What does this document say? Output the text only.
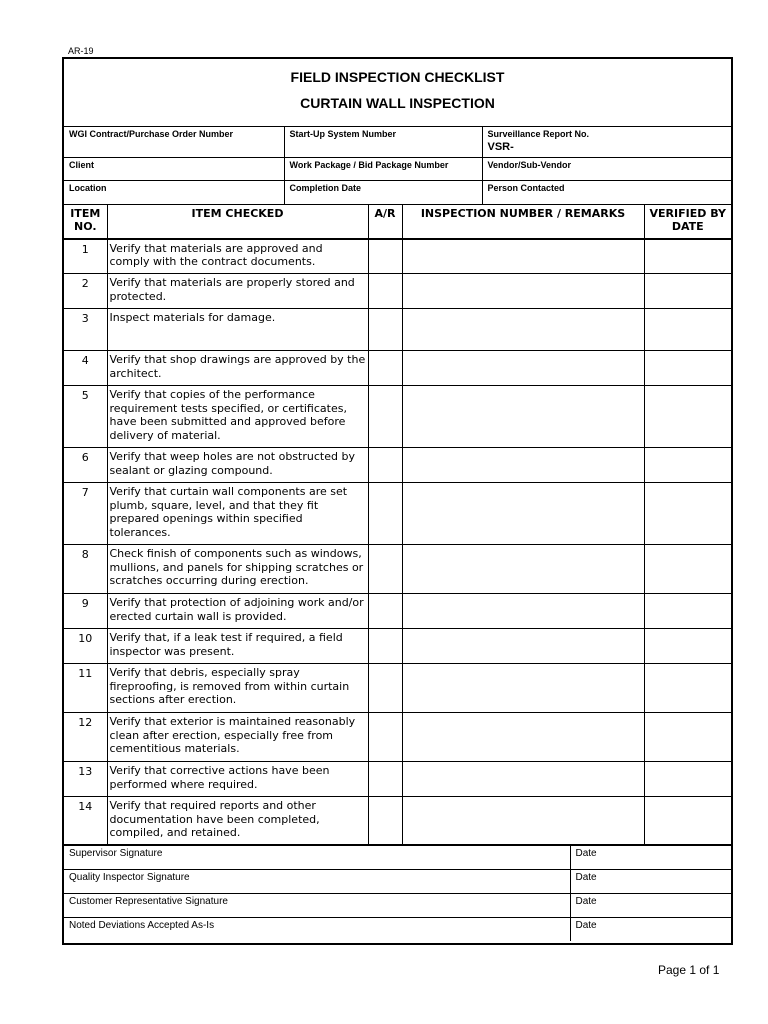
AR-19
FIELD INSPECTION CHECKLIST
CURTAIN WALL INSPECTION
WGI Contract/Purchase Order Number	Start-Up System Number	Surveillance Report No.
VSR-

Client	Work Package / Bid Package Number	Vendor/Sub-Vendor
Location	Completion Date	Person Contacted
ITEM NO.	ITEM CHECKED	A/R	INSPECTION NUMBER / REMARKS	VERIFIED BY DATE
1	Verify that materials are approved and comply with the contract documents.			
2	Verify that materials are properly stored and protected.			
3	Inspect materials for damage.			
4	Verify that shop drawings are approved by the architect.			
5	Verify that copies of the performance requirement tests specified, or certificates, have been submitted and approved before delivery of material.			
6	Verify that weep holes are not obstructed by sealant or glazing compound.			
7	Verify that curtain wall components are set plumb, square, level, and that they fit prepared openings within specified tolerances.			
8	Check finish of components such as windows, mullions, and panels for shipping scratches or scratches occurring during erection.			
9	Verify that protection of adjoining work and/or erected curtain wall is provided.			
10	Verify that, if a leak test if required, a field inspector was present.			
11	Verify that debris, especially spray fireproofing, is removed from within curtain sections after erection.			
12	Verify that exterior is maintained reasonably clean after erection, especially free from cementitious materials.			
13	Verify that corrective actions have been performed where required.			
14	Verify that required reports and other documentation have been completed, compiled, and retained.			
Supervisor Signature	Date
Quality Inspector Signature	Date
Customer Representative Signature	Date
Noted Deviations Accepted As-Is	Date
Page 1 of 1
